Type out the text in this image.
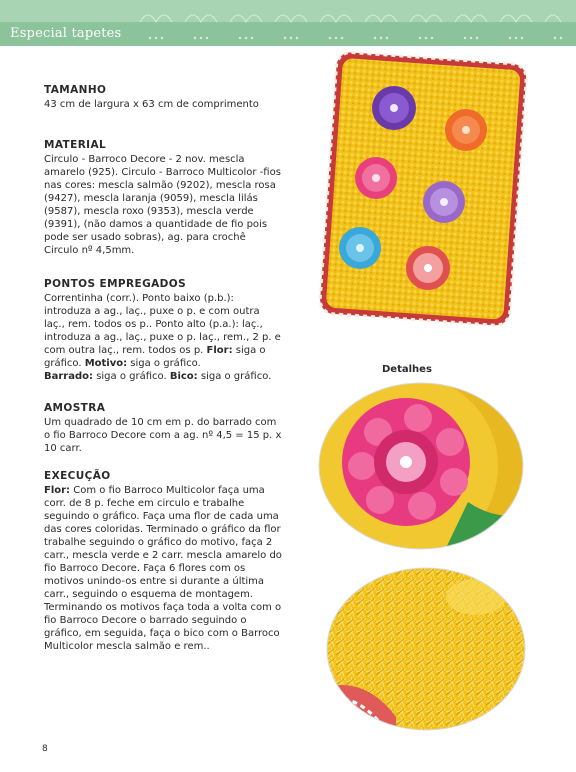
Especial tapetes
TAMANHO

43 cm de largura x 63 cm de comprimento

MATERIAL

Circulo - Barroco Decore - 2 nov. mescla amarelo (925). Circulo - Barroco Multicolor -fios nas cores: mescla salmão (9202), mescla rosa (9427), mescla laranja (9059), mescla lilás (9587), mescla roxo (9353), mescla verde (9391), (não damos a quantidade de fio pois pode ser usado sobras), ag. para crochê Circulo nº 4,5mm.

PONTOS EMPREGADOS

Correntinha (corr.). Ponto baixo (p.b.): introduza a ag., laç., puxe o p. e com outra laç., rem. todos os p.. Ponto alto (p.a.): laç., introduza a ag., laç., puxe o p. laç., rem., 2 p. e com outra laç., rem. todos os p. Flor: siga o gráfico. Motivo: siga o gráfico.
Barrado: siga o gráfico. Bico: siga o gráfico.

AMOSTRA

Um quadrado de 10 cm em p. do barrado com o fio Barroco Decore com a ag. nº 4,5 = 15 p. x 10 carr.

EXECUÇÃO

Flor: Com o fio Barroco Multicolor faça uma corr. de 8 p. feche em circulo e trabalhe seguindo o gráfico. Faça uma flor de cada uma das cores coloridas. Terminado o gráfico da flor trabalhe seguindo o gráfico do motivo, faça 2 carr., mescla verde e 2 carr. mescla amarelo do fio Barroco Decore. Faça 6 flores com os motivos unindo-os entre si durante a última carr., seguindo o esquema de montagem. Terminando os motivos faça toda a volta com o fio Barroco Decore o barrado seguindo o gráfico, em seguida, faça o bico com o Barroco Multicolor mescla salmão e rem..

Detalhes
8
